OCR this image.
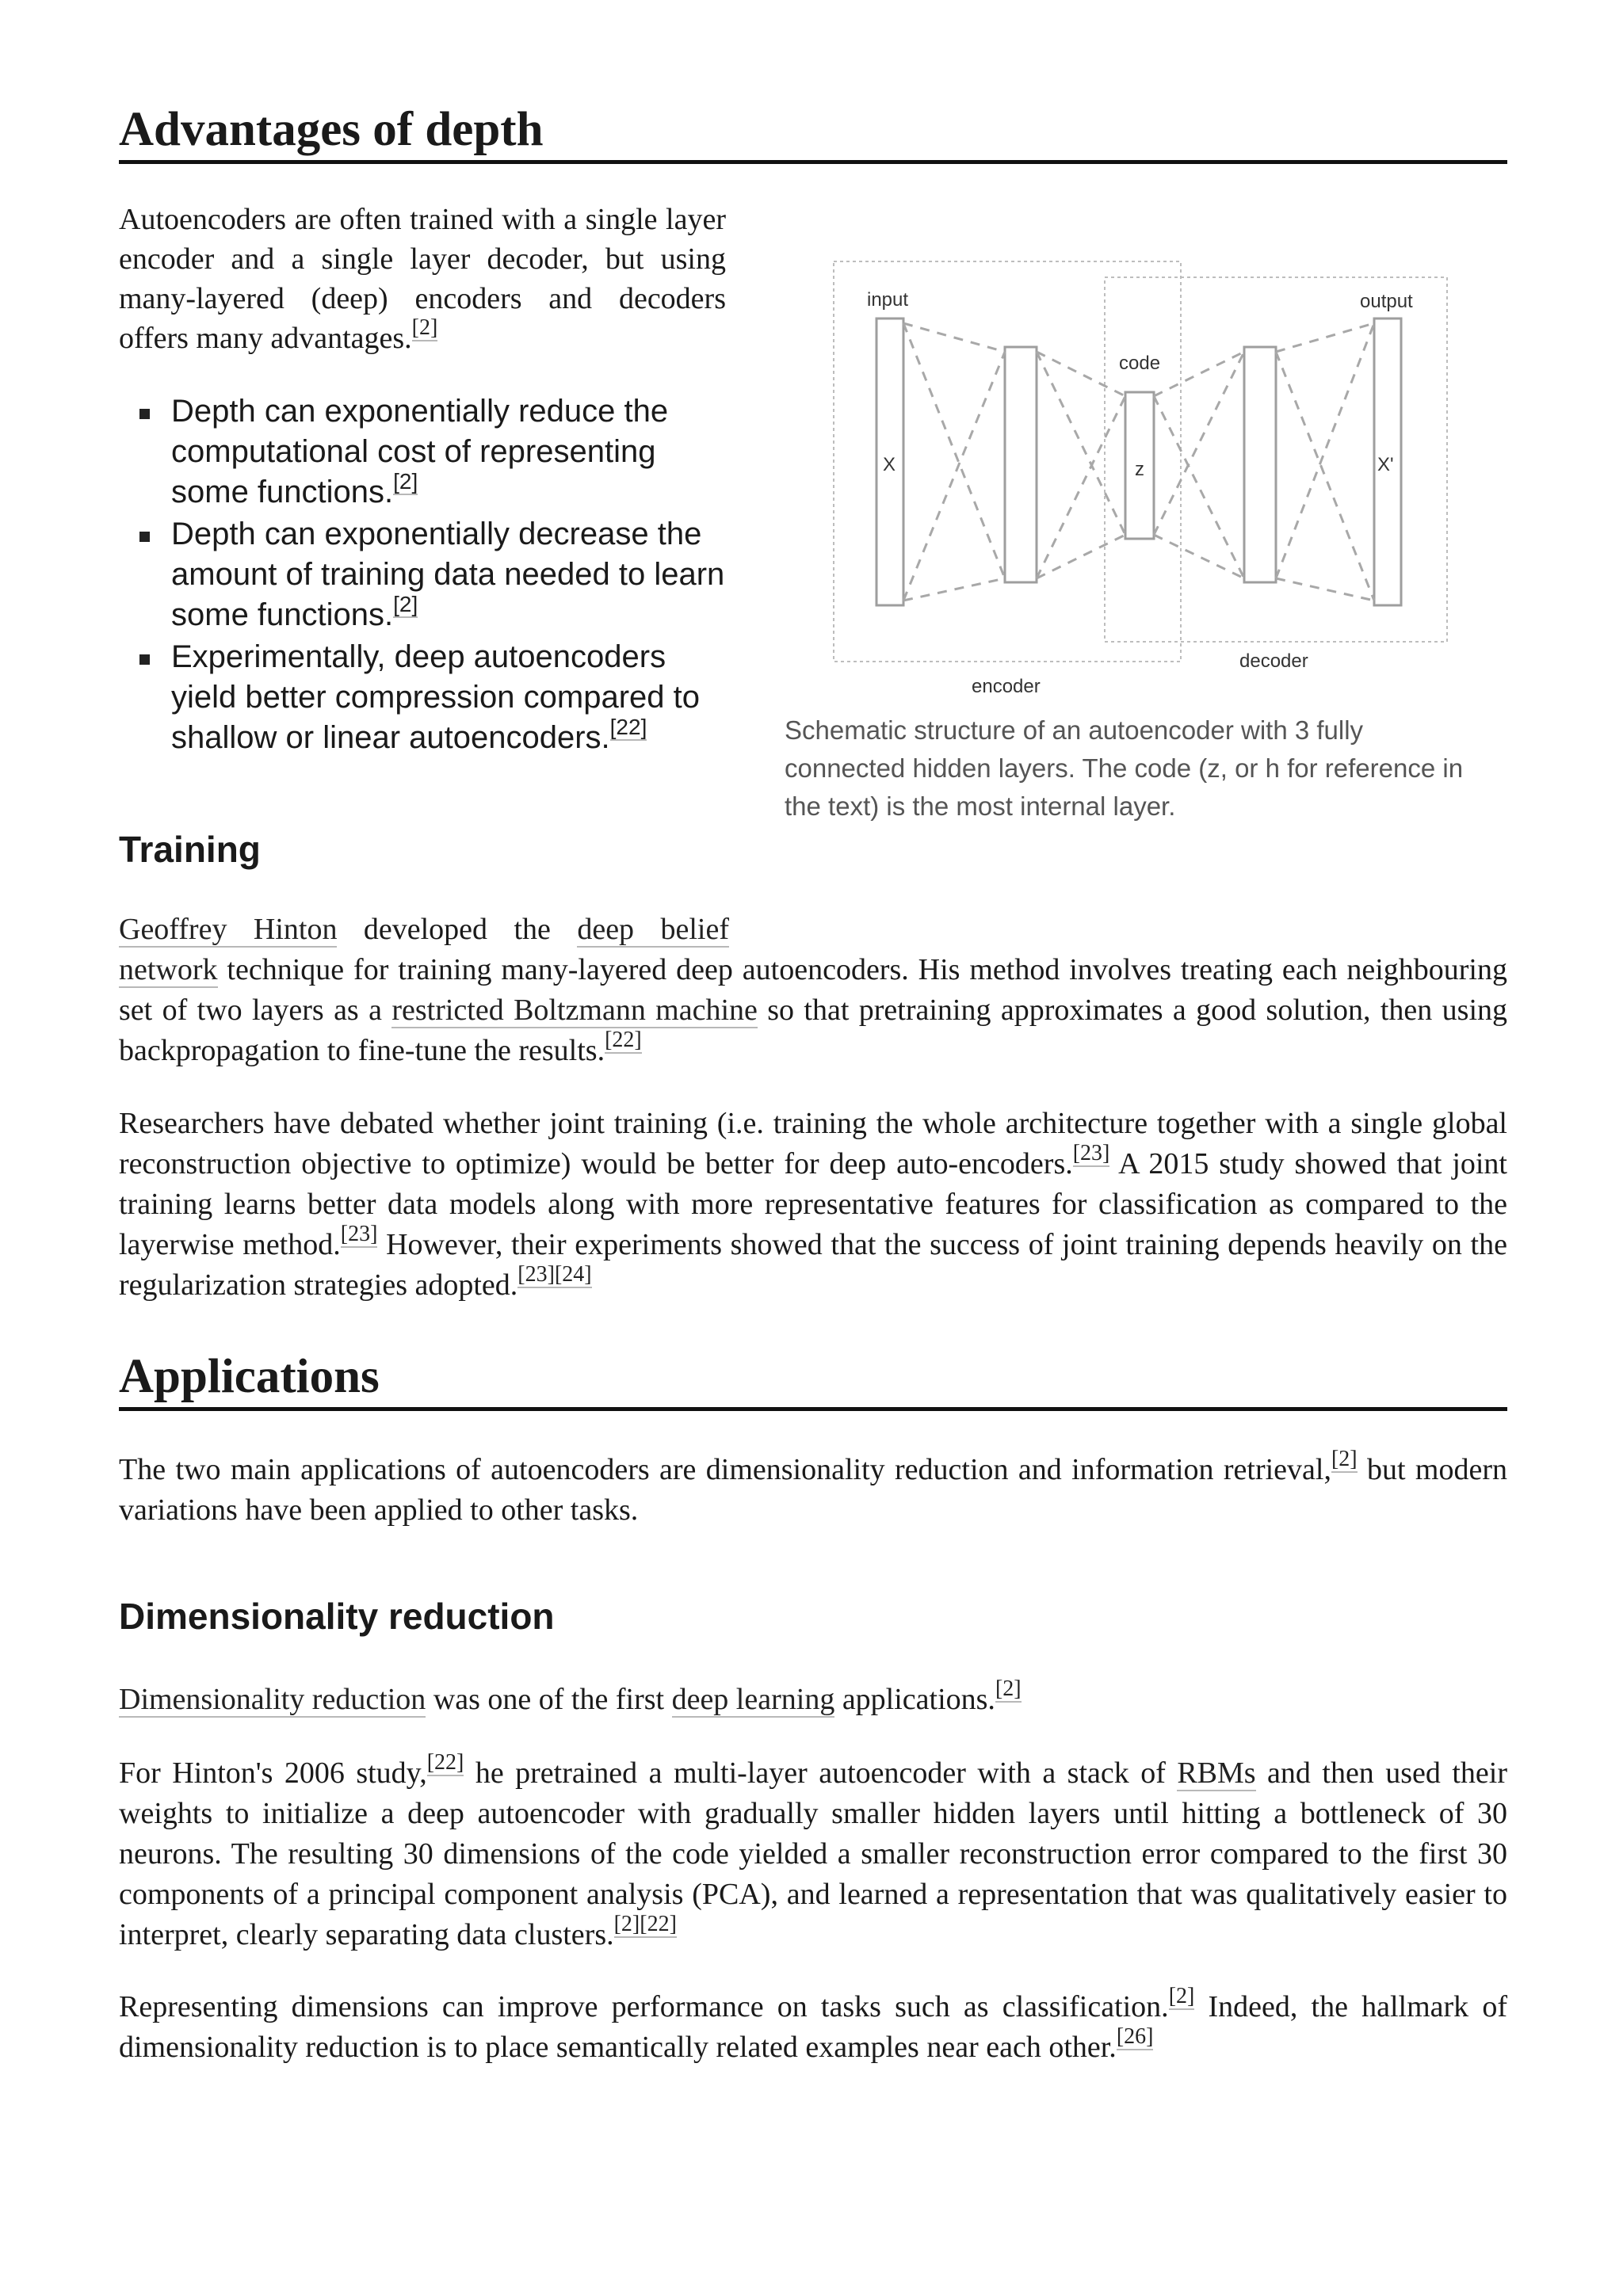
Advantages of depth

Autoencoders are often trained with a single layer encoder and a single layer decoder, but using many-layered (deep) encoders and decoders offers many advantages.[2]

Depth can exponentially reduce the computational cost of representing some functions.[2]
Depth can exponentially decrease the amount of training data needed to learn some functions.[2]
Experimentally, deep autoencoders yield better compression compared to shallow or linear autoencoders.[22]
Training

Geoffrey Hinton developed the deep belief network technique for training many-layered deep autoencoders. His method involves treating each neighbouring set of two layers as a restricted Boltzmann machine so that pretraining approximates a good solution, then using backpropagation to fine-tune the results.[22]

Researchers have debated whether joint training (i.e. training the whole architecture together with a single global reconstruction objective to optimize) would be better for deep auto-encoders.[23] A 2015 study showed that joint training learns better data models along with more representative features for classification as compared to the layerwise method.[23] However, their experiments showed that the success of joint training depends heavily on the regularization strategies adopted.[23][24]

Applications

The two main applications of autoencoders are dimensionality reduction and information retrieval,[2] but modern variations have been applied to other tasks.

Dimensionality reduction

Dimensionality reduction was one of the first deep learning applications.[2]

For Hinton's 2006 study,[22] he pretrained a multi-layer autoencoder with a stack of RBMs and then used their weights to initialize a deep autoencoder with gradually smaller hidden layers until hitting a bottleneck of 30 neurons. The resulting 30 dimensions of the code yielded a smaller reconstruction error compared to the first 30 components of a principal component analysis (PCA), and learned a representation that was qualitatively easier to interpret, clearly separating data clusters.[2][22]

Representing dimensions can improve performance on tasks such as classification.[2] Indeed, the hallmark of dimensionality reduction is to place semantically related examples near each other.[26]

input	output
code
X	z	X'
encoder
decoder
Schematic structure of an autoencoder with 3 fully connected hidden layers. The code (z, or h for reference in the text) is the most internal layer.
